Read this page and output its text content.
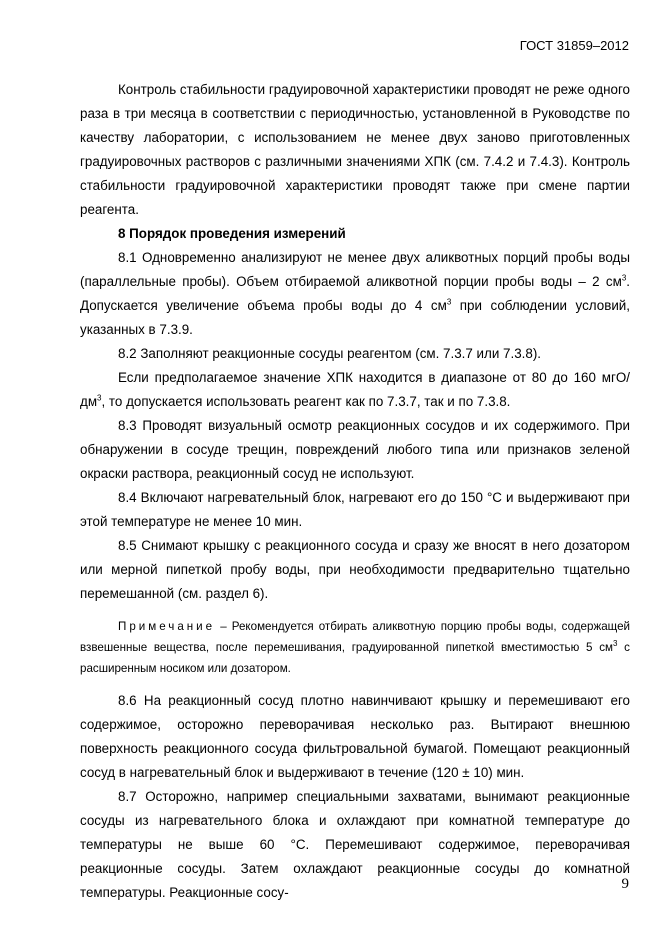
ГОСТ 31859–2012

Контроль стабильности градуировочной характеристики проводят не реже одного раза в три месяца в соответствии с периодичностью, установленной в Руководстве по качеству лаборатории, с использованием не менее двух заново приготовленных градуировочных растворов с различными значениями ХПК (см. 7.4.2 и 7.4.3). Контроль стабильности градуировочной характеристики проводят также при смене партии реагента.

8 Порядок проведения измерений

8.1 Одновременно анализируют не менее двух аликвотных порций пробы воды (параллельные пробы). Объем отбираемой аликвотной порции пробы воды – 2 $см^3$. Допускается увеличение объема пробы воды до 4 $см^3$ при соблюдении условий, указанных в 7.3.9.

8.2 Заполняют реакционные сосуды реагентом (см. 7.3.7 или 7.3.8).

Если предполагаемое значение ХПК находится в диапазоне от 80 до 160 мгО/$дм^3$, то допускается использовать реагент как по 7.3.7, так и по 7.3.8.

8.3 Проводят визуальный осмотр реакционных сосудов и их содержимого. При обнаружении в сосуде трещин, повреждений любого типа или признаков зеленой окраски раствора, реакционный сосуд не используют.

8.4 Включают нагревательный блок, нагревают его до 150 °C и выдерживают при этой температуре не менее 10 мин.

8.5 Снимают крышку с реакционного сосуда и сразу же вносят в него дозатором или мерной пипеткой пробу воды, при необходимости предварительно тщательно перемешанной (см. раздел 6).

Примечание – Рекомендуется отбирать аликвотную порцию пробы воды, содержащей взвешенные вещества, после перемешивания, градуированной пипеткой вместимостью 5 $см^3$ с расширенным носиком или дозатором.

8.6 На реакционный сосуд плотно навинчивают крышку и перемешивают его содержимое, осторожно переворачивая несколько раз. Вытирают внешнюю поверхность реакционного сосуда фильтровальной бумагой. Помещают реакционный сосуд в нагревательный блок и выдерживают в течение (120 ± 10) мин.

8.7 Осторожно, например специальными захватами, вынимают реакционные сосуды из нагревательного блока и охлаждают при комнатной температуре до температуры не выше 60 °C. Перемешивают содержимое, переворачивая реакционные сосуды. Затем охлаждают реакционные сосуды до комнатной температуры. Реакционные сосу-

9
